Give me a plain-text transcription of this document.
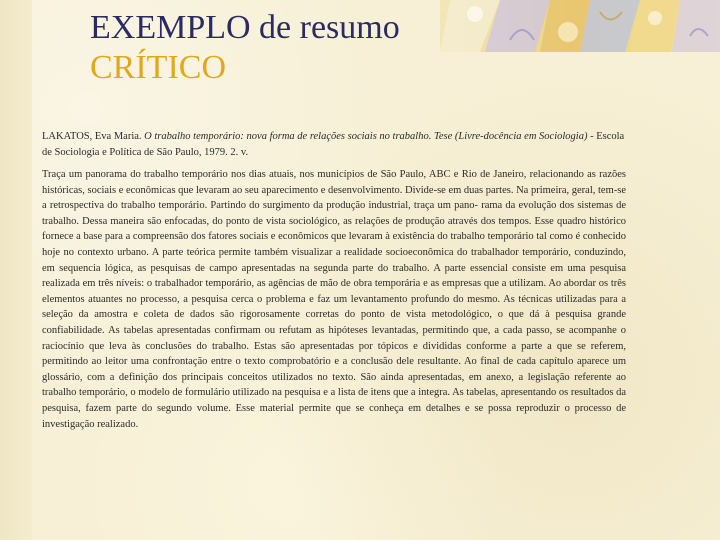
EXEMPLO de resumo
CRÍTICO

LAKATOS, Eva Maria. O trabalho temporário: nova forma de relações sociais no trabalho. Tese (Livre-docência em Sociologia) - Escola de Sociologia e Política de São Paulo, 1979. 2. v.

Traça um panorama do trabalho temporário nos dias atuais, nos municípios de São Paulo, ABC e Rio de Janeiro, relacionando as razões históricas, sociais e econômicas que levaram ao seu aparecimento e desenvolvimento. Divide-se em duas partes. Na primeira, geral, tem-se a retrospectiva do trabalho temporário. Partindo do surgimento da produção industrial, traça um pano- rama da evolução dos sistemas de trabalho. Dessa maneira são enfocadas, do ponto de vista sociológico, as relações de produção através dos tempos. Esse quadro histórico fornece a base para a compreensão dos fatores sociais e econômicos que levaram à existência do trabalho temporário tal como é conhecido hoje no contexto urbano. A parte teórica permite também visualizar a realidade socioeconômica do trabalhador temporário, conduzindo, em sequencia lógica, as pesquisas de campo apresentadas na segunda parte do trabalho. A parte essencial consiste em uma pesquisa realizada em três níveis: o trabalhador temporário, as agências de mão de obra temporária e as empresas que a utilizam. Ao abordar os três elementos atuantes no processo, a pesquisa cerca o problema e faz um levantamento profundo do mesmo. As técnicas utilizadas para a seleção da amostra e coleta de dados são rigorosamente corretas do ponto de vista metodológico, o que dá à pesquisa grande confiabilidade. As tabelas apresentadas confirmam ou refutam as hipóteses levantadas, permitindo que, a cada passo, se acompanhe o raciocínio que leva às conclusões do trabalho. Estas são apresentadas por tópicos e divididas conforme a parte a que se referem, permitindo ao leitor uma confrontação entre o texto comprobatório e a conclusão dele resultante. Ao final de cada capítulo aparece um glossário, com a definição dos principais conceitos utilizados no texto. São ainda apresentadas, em anexo, a legislação referente ao trabalho temporário, o modelo de formulário utilizado na pesquisa e a lista de itens que a integra. As tabelas, apresentando os resultados da pesquisa, fazem parte do segundo volume. Esse material permite que se conheça em detalhes e se possa reproduzir o processo de investigação realizado.
